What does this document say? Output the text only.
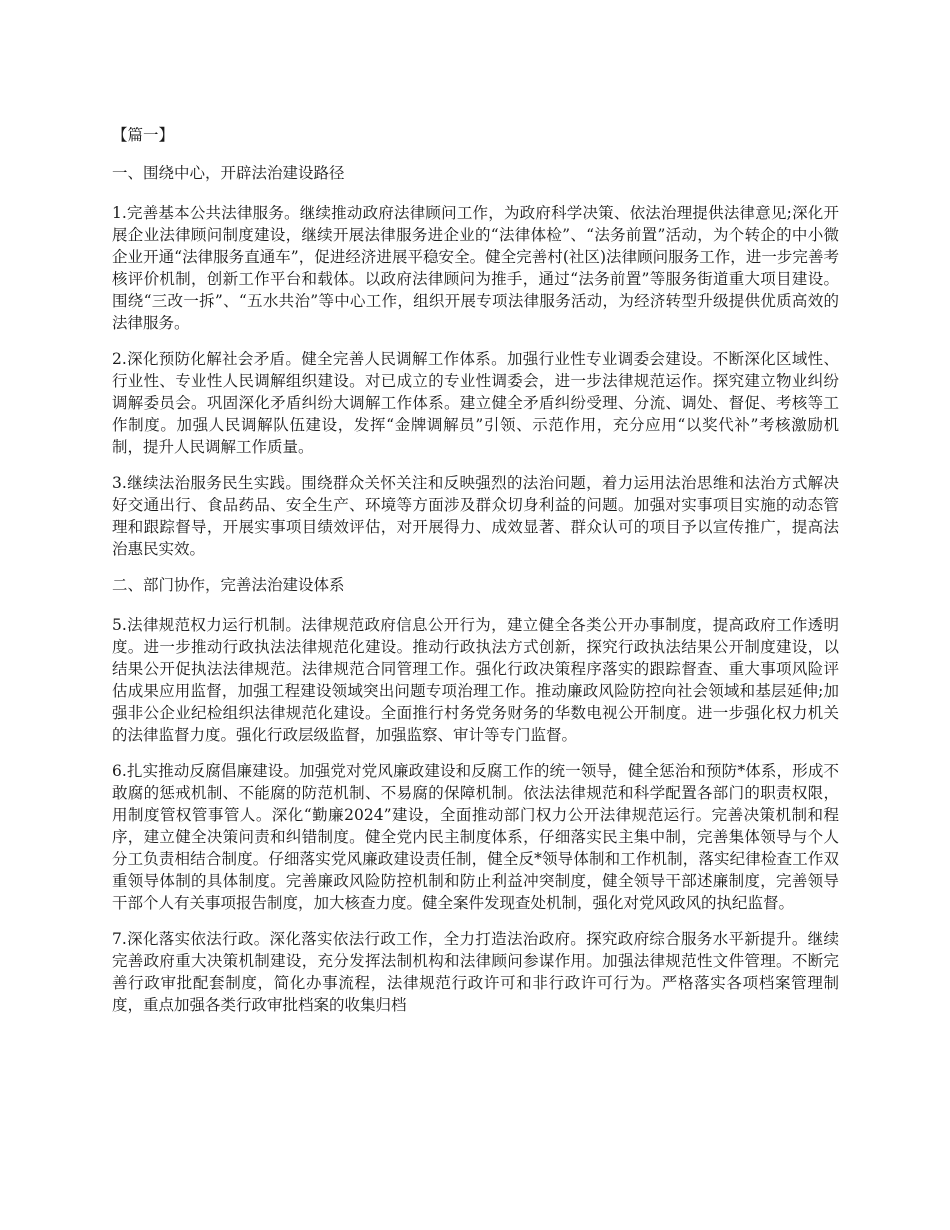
【篇一】

一、围绕中心，开辟法治建设路径

1.完善基本公共法律服务。继续推动政府法律顾问工作，为政府科学决策、依法治理提供法律意见;深化开展企业法律顾问制度建设，继续开展法律服务进企业的“法律体检”、“法务前置”活动，为个转企的中小微企业开通“法律服务直通车”，促进经济进展平稳安全。健全完善村(社区)法律顾问服务工作，进一步完善考核评价机制，创新工作平台和载体。以政府法律顾问为推手，通过“法务前置”等服务街道重大项目建设。围绕“三改一拆”、“五水共治”等中心工作，组织开展专项法律服务活动，为经济转型升级提供优质高效的法律服务。

2.深化预防化解社会矛盾。健全完善人民调解工作体系。加强行业性专业调委会建设。不断深化区域性、行业性、专业性人民调解组织建设。对已成立的专业性调委会，进一步法律规范运作。探究建立物业纠纷调解委员会。巩固深化矛盾纠纷大调解工作体系。建立健全矛盾纠纷受理、分流、调处、督促、考核等工作制度。加强人民调解队伍建设，发挥“金牌调解员”引领、示范作用，充分应用“以奖代补”考核激励机制，提升人民调解工作质量。

3.继续法治服务民生实践。围绕群众关怀关注和反映强烈的法治问题，着力运用法治思维和法治方式解决好交通出行、食品药品、安全生产、环境等方面涉及群众切身利益的问题。加强对实事项目实施的动态管理和跟踪督导，开展实事项目绩效评估，对开展得力、成效显著、群众认可的项目予以宣传推广，提高法治惠民实效。

二、部门协作，完善法治建设体系

5.法律规范权力运行机制。法律规范政府信息公开行为，建立健全各类公开办事制度，提高政府工作透明度。进一步推动行政执法法律规范化建设。推动行政执法方式创新，探究行政执法结果公开制度建设，以结果公开促执法法律规范。法律规范合同管理工作。强化行政决策程序落实的跟踪督查、重大事项风险评估成果应用监督，加强工程建设领域突出问题专项治理工作。推动廉政风险防控向社会领域和基层延伸;加强非公企业纪检组织法律规范化建设。全面推行村务党务财务的华数电视公开制度。进一步强化权力机关的法律监督力度。强化行政层级监督，加强监察、审计等专门监督。

6.扎实推动反腐倡廉建设。加强党对党风廉政建设和反腐工作的统一领导，健全惩治和预防*体系，形成不敢腐的惩戒机制、不能腐的防范机制、不易腐的保障机制。依法法律规范和科学配置各部门的职责权限，用制度管权管事管人。深化“勤廉2024”建设，全面推动部门权力公开法律规范运行。完善决策机制和程序，建立健全决策问责和纠错制度。健全党内民主制度体系，仔细落实民主集中制，完善集体领导与个人分工负责相结合制度。仔细落实党风廉政建设责任制，健全反*领导体制和工作机制，落实纪律检查工作双重领导体制的具体制度。完善廉政风险防控机制和防止利益冲突制度，健全领导干部述廉制度，完善领导干部个人有关事项报告制度，加大核查力度。健全案件发现查处机制，强化对党风政风的执纪监督。

7.深化落实依法行政。深化落实依法行政工作，全力打造法治政府。探究政府综合服务水平新提升。继续完善政府重大决策机制建设，充分发挥法制机构和法律顾问参谋作用。加强法律规范性文件管理。不断完善行政审批配套制度，简化办事流程，法律规范行政许可和非行政许可行为。严格落实各项档案管理制度，重点加强各类行政审批档案的收集归档
